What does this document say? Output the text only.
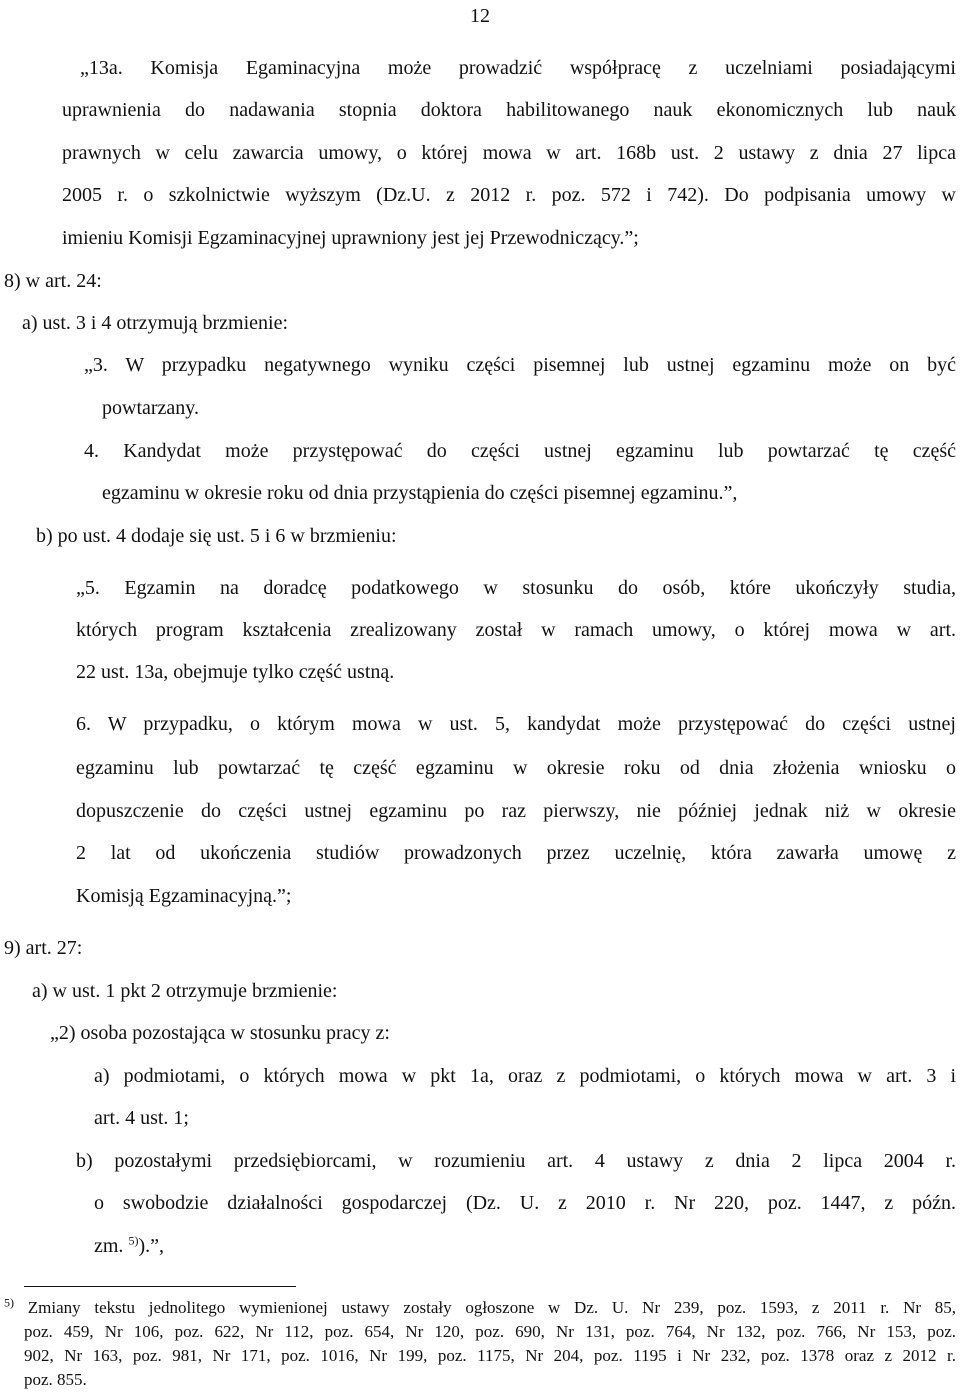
12

„13a. Komisja Egaminacyjna może prowadzić współpracę z uczelniami posiadającymi

uprawnienia do nadawania stopnia doktora habilitowanego nauk ekonomicznych lub nauk

prawnych w celu zawarcia umowy, o której mowa w art. 168b ust. 2 ustawy z dnia 27 lipca

2005 r. o szkolnictwie wyższym (Dz.U. z 2012 r. poz. 572 i 742). Do podpisania umowy w

imieniu Komisji Egzaminacyjnej uprawniony jest jej Przewodniczący.”;

8) w art. 24:

a) ust. 3 i 4 otrzymują brzmienie:

„3. W przypadku negatywnego wyniku części pisemnej lub ustnej egzaminu może on być

powtarzany.

4. Kandydat może przystępować do części ustnej egzaminu lub powtarzać tę część

egzaminu w okresie roku od dnia przystąpienia do części pisemnej egzaminu.”,

b) po ust. 4 dodaje się ust. 5 i 6 w brzmieniu:

„5. Egzamin na doradcę podatkowego w stosunku do osób, które ukończyły studia,

których program kształcenia zrealizowany został w ramach umowy, o której mowa w art.

22 ust. 13a, obejmuje tylko część ustną.

6. W przypadku, o którym mowa w ust. 5, kandydat może przystępować do części ustnej

egzaminu lub powtarzać tę część egzaminu w okresie roku od dnia złożenia wniosku o

dopuszczenie do części ustnej egzaminu po raz pierwszy, nie później jednak niż w okresie

2 lat od ukończenia studiów prowadzonych przez uczelnię, która zawarła umowę z

Komisją Egzaminacyjną.”;

9) art. 27:

a) w ust. 1 pkt 2 otrzymuje brzmienie:

„2) osoba pozostająca w stosunku pracy z:

a) podmiotami, o których mowa w pkt 1a, oraz z podmiotami, o których mowa w art. 3 i

art. 4 ust. 1;

b) pozostałymi przedsiębiorcami, w rozumieniu art. 4 ustawy z dnia 2 lipca 2004 r.

o swobodzie działalności gospodarczej (Dz. U. z 2010 r. Nr 220, poz. 1447, z późn.

zm. $^{5)}$).”,

$^{5)}$ Zmiany tekstu jednolitego wymienionej ustawy zostały ogłoszone w Dz. U. Nr 239, poz. 1593, z 2011 r. Nr 85,

poz. 459, Nr 106, poz. 622, Nr 112, poz. 654, Nr 120, poz. 690, Nr 131, poz. 764, Nr 132, poz. 766, Nr 153, poz.

902, Nr 163, poz. 981, Nr 171, poz. 1016, Nr 199, poz. 1175, Nr 204, poz. 1195 i Nr 232, poz. 1378 oraz z 2012 r.

poz. 855.
